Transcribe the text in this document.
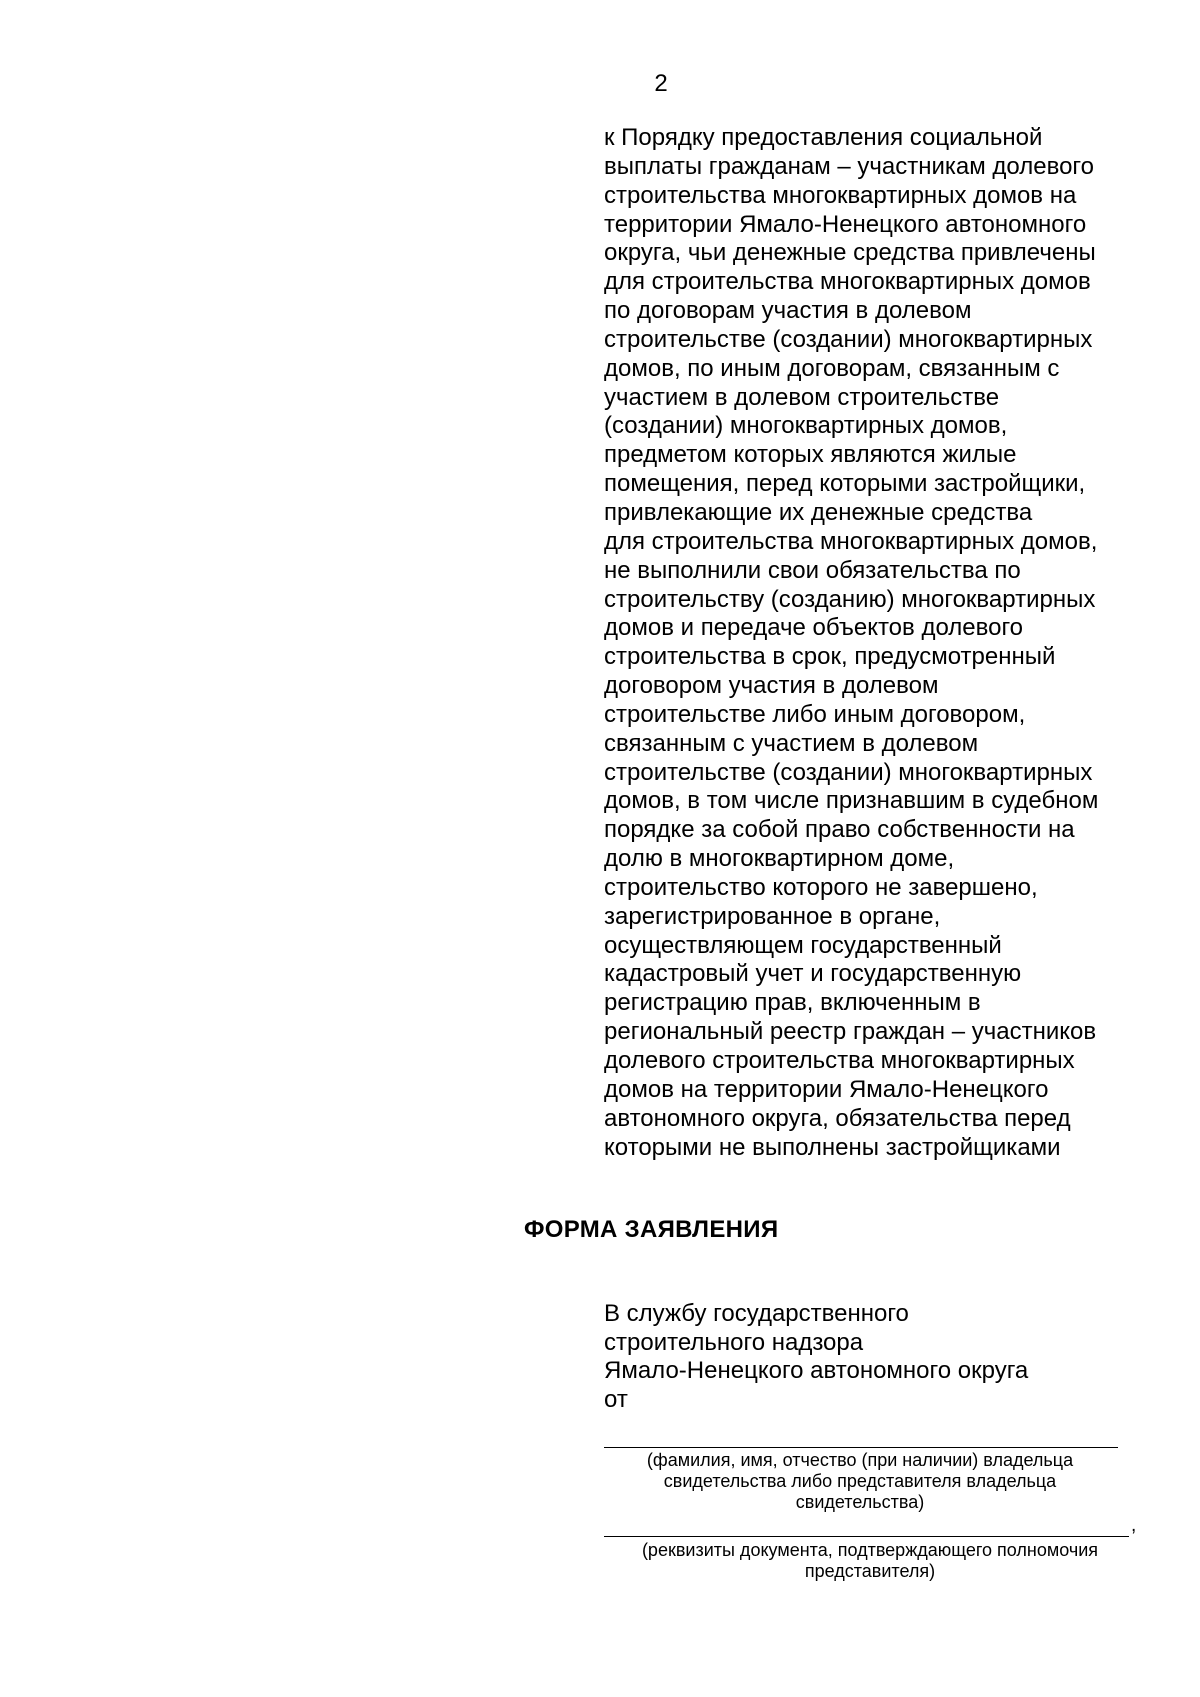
2

к Порядку предоставления социальной
выплаты гражданам – участникам долевого
строительства многоквартирных домов на
территории Ямало-Ненецкого автономного
округа, чьи денежные средства привлечены
для строительства многоквартирных домов
по договорам участия в долевом
строительстве (создании) многоквартирных
домов, по иным договорам, связанным с
участием в долевом строительстве
(создании) многоквартирных домов,
предметом которых являются жилые
помещения, перед которыми застройщики,
привлекающие их денежные средства
для строительства многоквартирных домов,
не выполнили свои обязательства по
строительству (созданию) многоквартирных
домов и передаче объектов долевого
строительства в срок, предусмотренный
договором участия в долевом
строительстве либо иным договором,
связанным с участием в долевом
строительстве (создании) многоквартирных
домов, в том числе признавшим в судебном
порядке за собой право собственности на
долю в многоквартирном доме,
строительство которого не завершено,
зарегистрированное в органе,
осуществляющем государственный
кадастровый учет и государственную
регистрацию прав, включенным в
региональный реестр граждан – участников
долевого строительства многоквартирных
домов на территории Ямало-Ненецкого
автономного округа, обязательства перед
которыми не выполнены застройщиками

ФОРМА ЗАЯВЛЕНИЯ

В службу государственного
строительного надзора
Ямало-Ненецкого автономного округа
от

(фамилия, имя, отчество (при наличии) владельца
свидетельства либо представителя владельца
свидетельства)

,

(реквизиты документа, подтверждающего полномочия
представителя)
